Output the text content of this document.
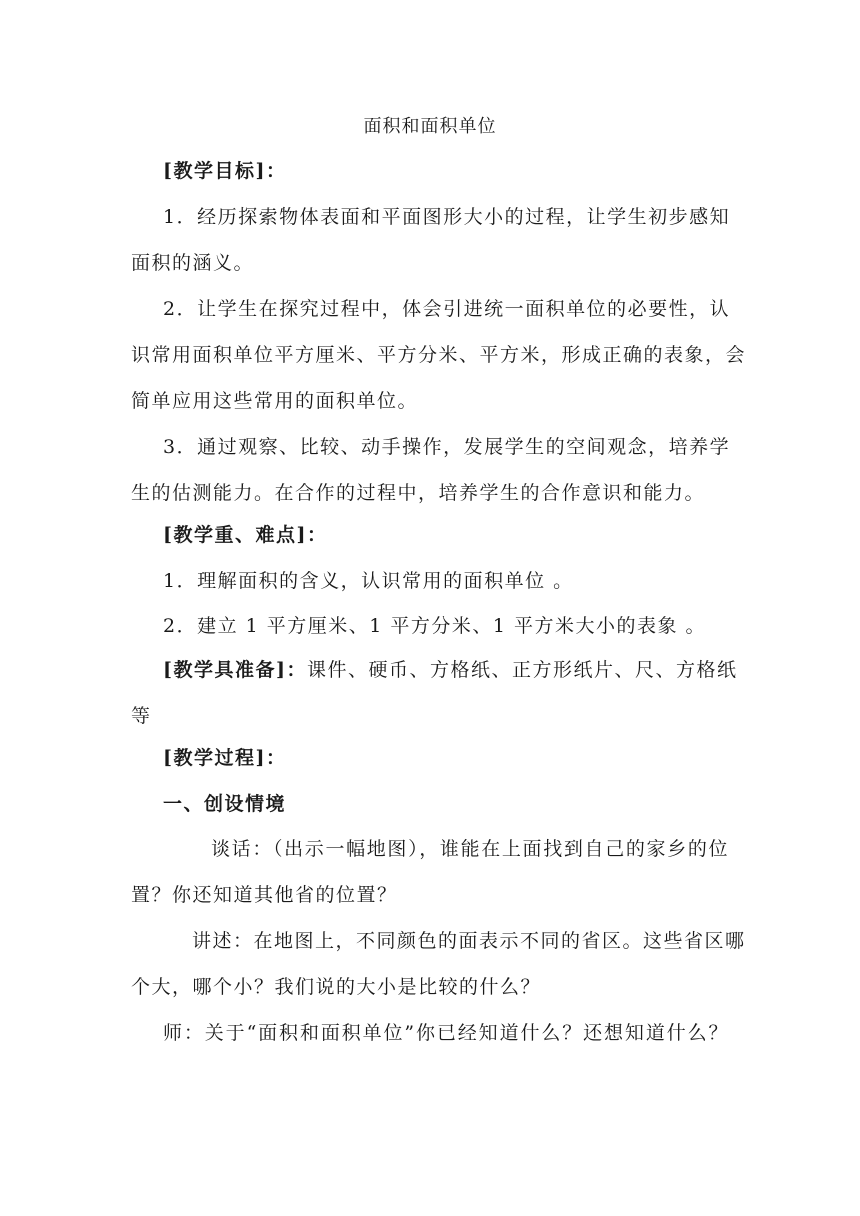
面积和面积单位
[教学目标]：
1．经历探索物体表面和平面图形大小的过程，让学生初步感知
面积的涵义。
2．让学生在探究过程中，体会引进统一面积单位的必要性，认
识常用面积单位平方厘米、平方分米、平方米，形成正确的表象，会
简单应用这些常用的面积单位。
3．通过观察、比较、动手操作，发展学生的空间观念，培养学
生的估测能力。在合作的过程中，培养学生的合作意识和能力。
[教学重、难点]：
1．理解面积的含义，认识常用的面积单位 。
2．建立 1 平方厘米、1 平方分米、1 平方米大小的表象 。
[教学具准备]：课件、硬币、方格纸、正方形纸片、尺、方格纸
等
[教学过程]：
一、创设情境
谈话：（出示一幅地图），谁能在上面找到自己的家乡的位
置？你还知道其他省的位置？
讲述：在地图上，不同颜色的面表示不同的省区。这些省区哪
个大，哪个小？我们说的大小是比较的什么？
师：关于“面积和面积单位”你已经知道什么？还想知道什么？
